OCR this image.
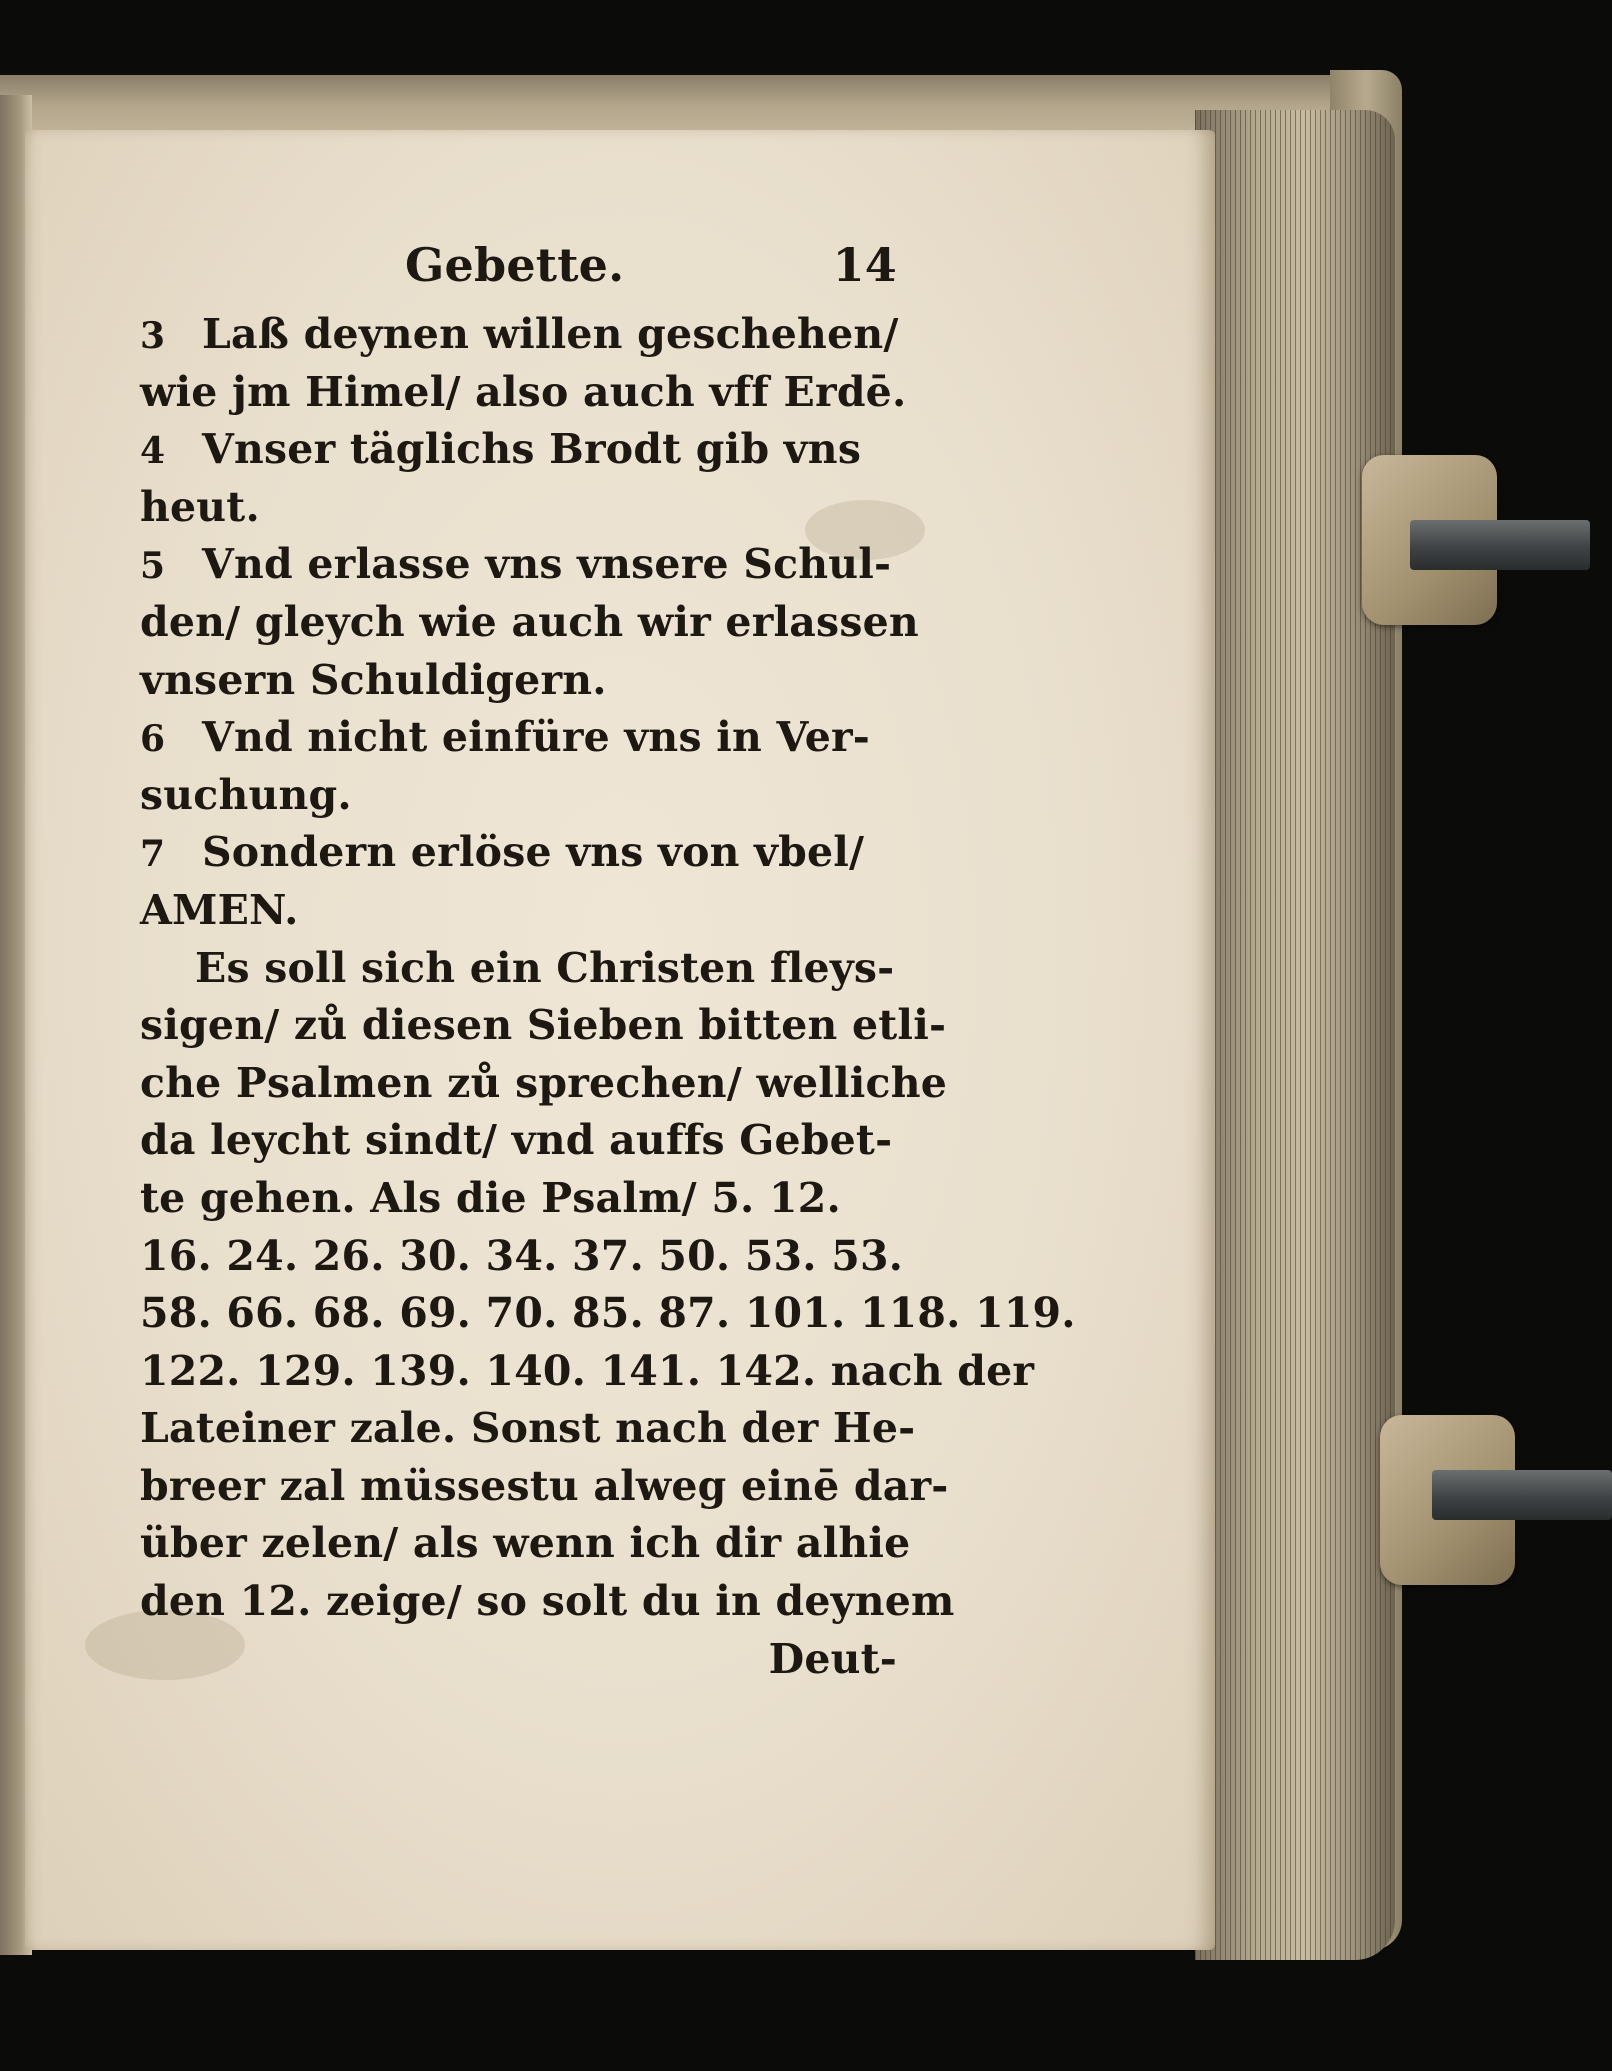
Gebette.	14
3 Laß deynen willen geschehen/
wie jm Himel/ also auch vff Erdē.
4 Vnser täglichs Brodt gib vns
heut.
5 Vnd erlasse vns vnsere Schul-
den/ gleych wie auch wir erlassen
vnsern Schuldigern.
6 Vnd nicht einfüre vns in Ver-
suchung.
7 Sondern erlöse vns von vbel/
AMEN.
Es soll sich ein Christen fleys-
sigen/ zů diesen Sieben bitten etli-
che Psalmen zů sprechen/ welliche
da leycht sindt/ vnd auffs Gebet-
te gehen. Als die Psalm/ 5. 12.
16. 24. 26. 30. 34. 37. 50. 53. 53.
58. 66. 68. 69. 70. 85. 87. 101. 118. 119.
122. 129. 139. 140. 141. 142. nach der
Lateiner zale. Sonst nach der He-
breer zal müssestu alweg einē dar-
über zelen/ als wenn ich dir alhie
den 12. zeige/ so solt du in deynem
Deut-
